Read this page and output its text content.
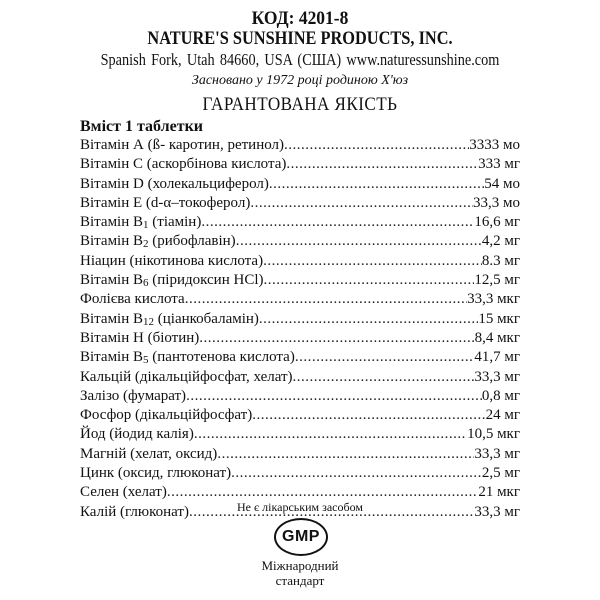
КОД: 4201-8
NATURE'S SUNSHINE PRODUCTS, INC.
Spanish Fork, Utah 84660, USA (США) www.naturessunshine.com
Засновано у 1972 році родиною Х'юз
ГАРАНТОВАНА ЯКІСТЬ
Вміст 1 таблетки
Вітамін А (ß- каротин, ретинол) .....	3333 мо
Вітамін С (аскорбінова кислота) .....	333 мг
Вітамін D (холекальциферол) .....	54 мо
Вітамін Е (d-α–токоферол) .....	33,3 мо
Вітамін $В_1$ (тіамін) .....	16,6 мг
Вітамін $В_2$ (рибофлавін) .....	4,2 мг
Ніацин (нікотинова кислота) .....	8.3 мг
Вітамін $В_6$ (піридоксин НСl) .....	12,5 мг
Фолієва кислота .....	33,3 мкг
Вітамін $В_{12}$ (ціанкобаламін) .....	15 мкг
Вітамін Н (біотин) .....	8,4 мкг
Вітамін $В_5$ (пантотенова кислота) .....	41,7 мг
Кальцій (дікальційфосфат, хелат) .....	33,3 мг
Залізо (фумарат) .....	0,8 мг
Фосфор (дікальційфосфат) .....	24 мг
Йод (йодид калія) .....	10,5 мкг
Магній (хелат, оксид) .....	33,3 мг
Цинк (оксид, глюконат) .....	2,5 мг
Селен (хелат) .....	21 мкг
Калій (глюконат) .....	33,3 мг
Не є лікарським засобом
GMP
Міжнародний
стандарт
